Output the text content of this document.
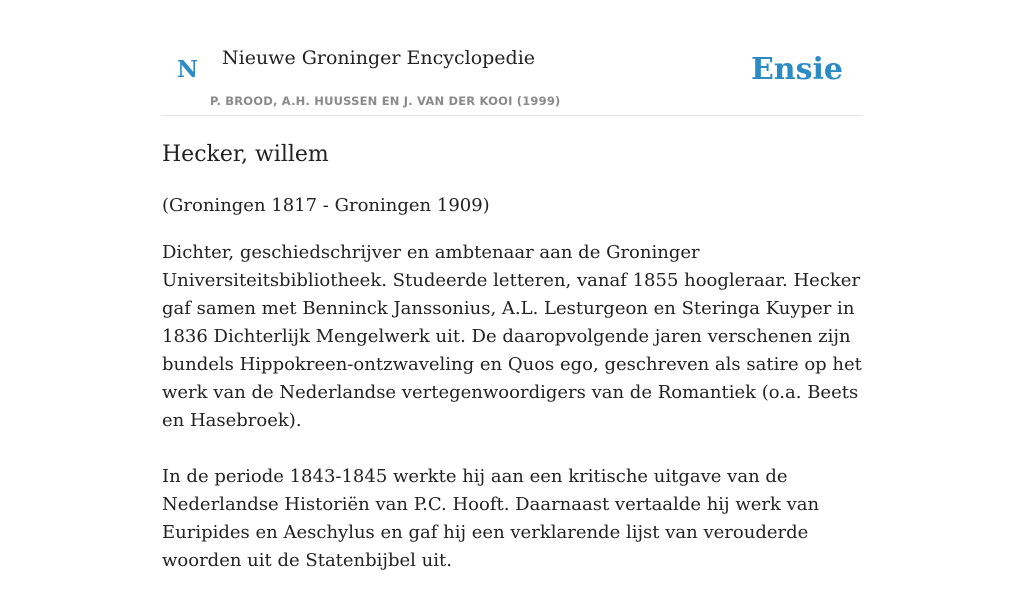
N Nieuwe Groninger Encyclopedie
P. BROOD, A.H. HUUSSEN EN J. VAN DER KOOI (1999)
Ensie
Hecker, willem

(Groningen 1817 - Groningen 1909)

Dichter, geschiedschrijver en ambtenaar aan de Groninger Universiteitsbibliotheek. Studeerde letteren, vanaf 1855 hoogleraar. Hecker gaf samen met Benninck Janssonius, A.L. Lesturgeon en Steringa Kuyper in 1836 Dichterlijk Mengelwerk uit. De daaropvolgende jaren verschenen zijn bundels Hippokreen-ontzwaveling en Quos ego, geschreven als satire op het werk van de Nederlandse vertegenwoordigers van de Romantiek (o.a. Beets en Hasebroek).

In de periode 1843-1845 werkte hij aan een kritische uitgave van de Nederlandse Historiën van P.C. Hooft. Daarnaast vertaalde hij werk van Euripides en Aeschylus en gaf hij een verklarende lijst van verouderde woorden uit de Statenbijbel uit.
